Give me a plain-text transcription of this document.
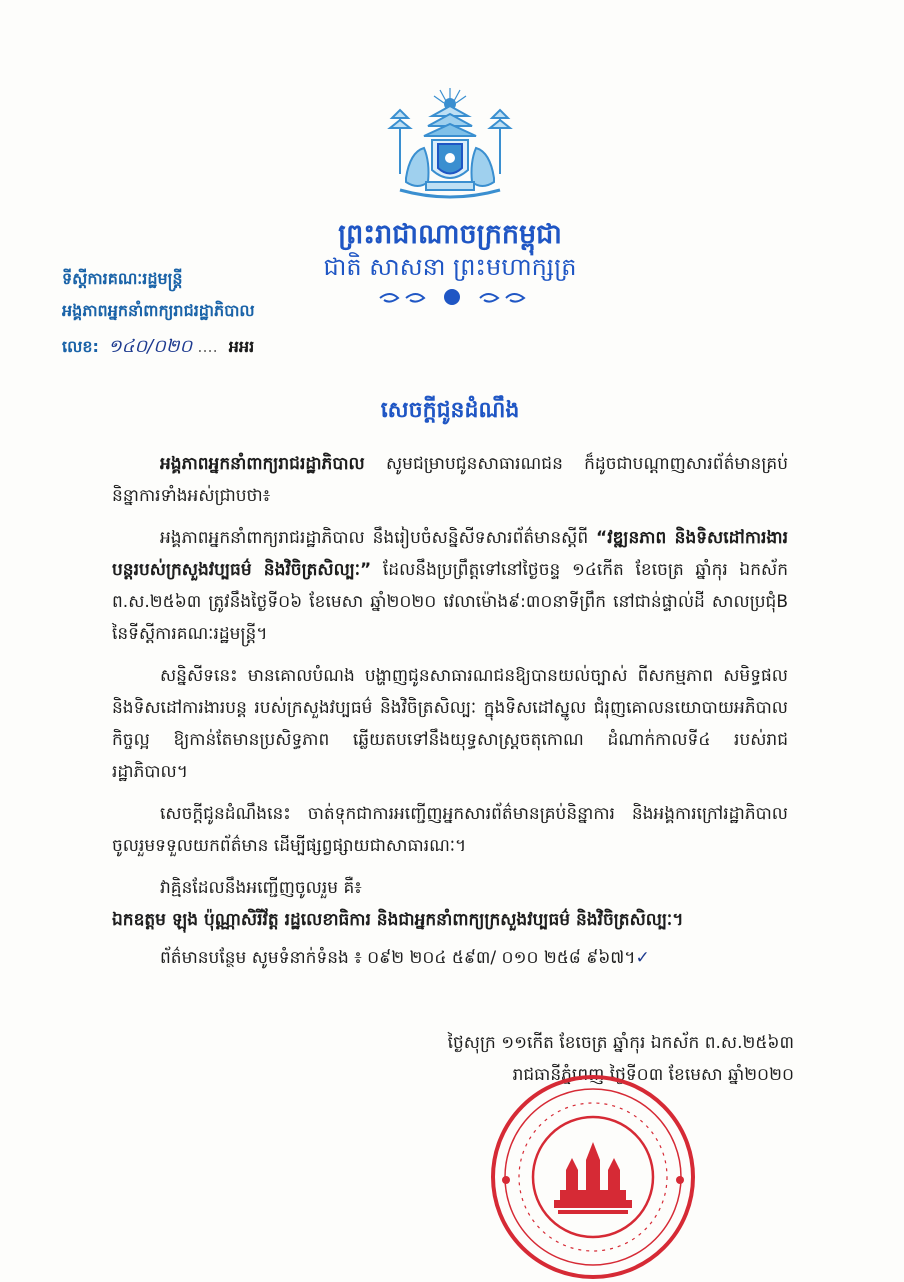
ព្រះរាជាណាចក្រកម្ពុជា
ជាតិ សាសនា ព្រះមហាក្សត្រ
ទីស្តីការគណៈរដ្ឋមន្ត្រី
អង្គភាពអ្នកនាំពាក្យរាជរដ្ឋាភិបាល
លេខ: ១៤០/០២០ .... អអរ
សេចក្តីជូនដំណឹង

អង្គភាពអ្នកនាំពាក្យរាជរដ្ឋាភិបាល សូមជម្រាបជូនសាធារណជន ក៏ដូចជាបណ្តាញសារព័ត៌មានគ្រប់និន្នាការទាំងអស់ជ្រាបថា៖

អង្គភាពអ្នកនាំពាក្យរាជរដ្ឋាភិបាល នឹងរៀបចំសន្និសីទសារព័ត៌មានស្តីពី “វឌ្ឍនភាព និងទិសដៅការងារបន្តរបស់ក្រសួងវប្បធម៌ និងវិចិត្រសិល្បៈ” ដែលនឹងប្រព្រឹត្តទៅនៅថ្ងៃចន្ទ ១៤កើត ខែចេត្រ ឆ្នាំកុរ ឯកស័ក ព.ស.២៥៦៣ ត្រូវនឹងថ្ងៃទី០៦ ខែមេសា ឆ្នាំ២០២០ វេលាម៉ោង៩:៣០នាទីព្រឹក នៅជាន់ផ្ទាល់ដី សាលប្រជុំB នៃទីស្តីការគណៈរដ្ឋមន្ត្រី។

សន្និសីទនេះ មានគោលបំណង បង្ហាញជូនសាធារណជនឱ្យបានយល់ច្បាស់ ពីសកម្មភាព សមិទ្ធផល និងទិសដៅការងារបន្ត របស់ក្រសួងវប្បធម៌ និងវិចិត្រសិល្បៈ ក្នុងទិសដៅស្នូល ជំរុញគោលនយោបាយអភិបាលកិច្ចល្អ ឱ្យកាន់តែមានប្រសិទ្ធភាព ឆ្លើយតបទៅនឹងយុទ្ធសាស្ត្រចតុកោណ ដំណាក់កាលទី៤ របស់រាជរដ្ឋាភិបាល។

សេចក្តីជូនដំណឹងនេះ ចាត់ទុកជាការអញ្ជើញអ្នកសារព័ត៌មានគ្រប់និន្នាការ និងអង្គការក្រៅរដ្ឋាភិបាល ចូលរួមទទួលយកព័ត៌មាន ដើម្បីផ្សព្វផ្សាយជាសាធារណៈ។

វាគ្មិនដែលនឹងអញ្ជើញចូលរួម គឺ៖

ឯកឧត្តម ឡុង ប៉ុណ្ណាសិរីវ័ត្ត រដ្ឋលេខាធិការ និងជាអ្នកនាំពាក្យក្រសួងវប្បធម៌ និងវិចិត្រសិល្បៈ។

ព័ត៌មានបន្ថែម សូមទំនាក់ទំនង ៖ ០៩២ ២០៤ ៥៩៣/ ០១០ ២៥៨ ៩៦៧។✓

ថ្ងៃសុក្រ ១១កើត ខែចេត្រ ឆ្នាំកុរ ឯកស័ក ព.ស.២៥៦៣
រាជធានីភ្នំពេញ ថ្ងៃទី០៣ ខែមេសា ឆ្នាំ២០២០
